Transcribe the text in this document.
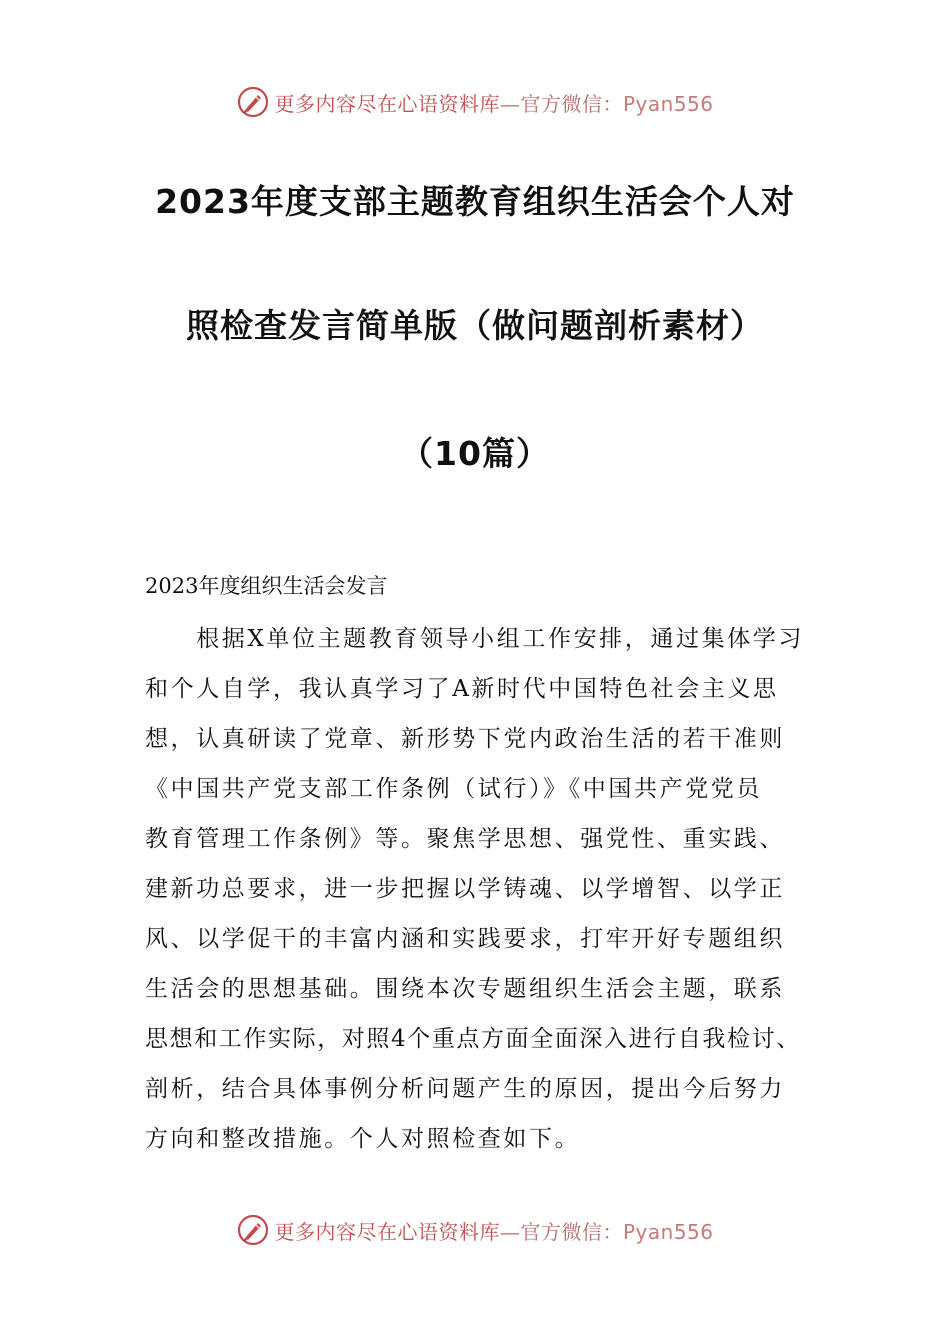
更多内容尽在心语资料库—官方微信：Pyan556
2023年度支部主题教育组织生活会个人对
照检查发言简单版（做问题剖析素材）
（10篇）
2023年度组织生活会发言
　　根据X单位主题教育领导小组工作安排，通过集体学习
和个人自学，我认真学习了A新时代中国特色社会主义思
想，认真研读了党章、新形势下党内政治生活的若干准则
《中国共产党支部工作条例（试行）》《中国共产党党员
教育管理工作条例》等。聚焦学思想、强党性、重实践、
建新功总要求，进一步把握以学铸魂、以学增智、以学正
风、以学促干的丰富内涵和实践要求，打牢开好专题组织
生活会的思想基础。围绕本次专题组织生活会主题，联系
思想和工作实际，对照4个重点方面全面深入进行自我检讨、
剖析，结合具体事例分析问题产生的原因，提出今后努力
方向和整改措施。个人对照检查如下。
更多内容尽在心语资料库—官方微信：Pyan556
